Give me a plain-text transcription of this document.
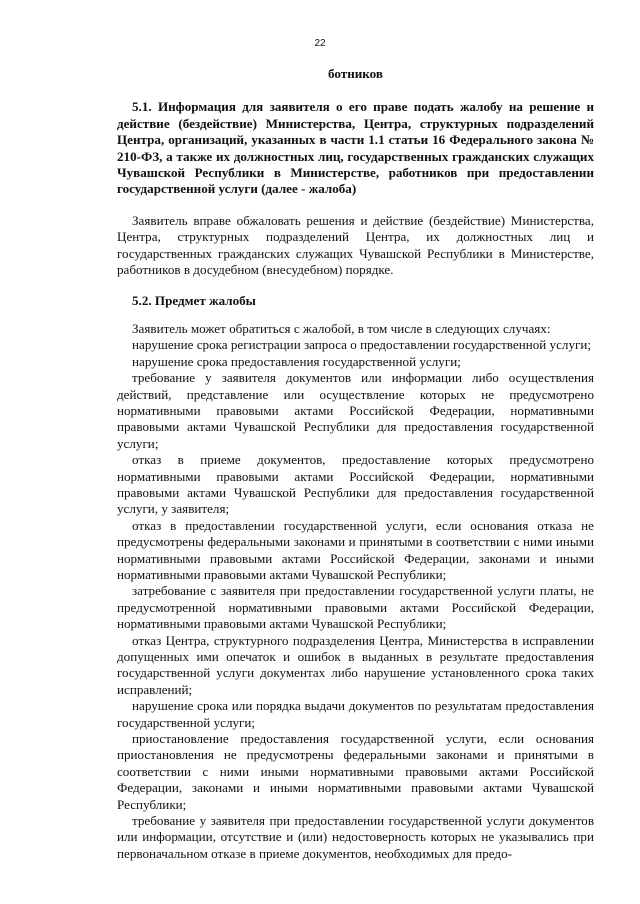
22
ботников

5.1. Информация для заявителя о его праве подать жалобу на решение и действие (бездействие) Министерства, Центра, структурных подразделений Центра, организаций, указанных в части 1.1 статьи 16 Федерального закона № 210-ФЗ, а также их должностных лиц, государственных гражданских служащих Чувашской Республики в Министерстве, работников при предоставлении государственной услуги (далее - жалоба)

Заявитель вправе обжаловать решения и действие (бездействие) Министерства, Центра, структурных подразделений Центра, их должностных лиц и государственных гражданских служащих Чувашской Республики в Министерстве, работников в досудебном (внесудебном) порядке.

5.2. Предмет жалобы

Заявитель может обратиться с жалобой, в том числе в следующих случаях:

нарушение срока регистрации запроса о предоставлении государственной услуги;

нарушение срока предоставления государственной услуги;

требование у заявителя документов или информации либо осуществления действий, представление или осуществление которых не предусмотрено нормативными правовыми актами Российской Федерации, нормативными правовыми актами Чувашской Республики для предоставления государственной услуги;

отказ в приеме документов, предоставление которых предусмотрено нормативными правовыми актами Российской Федерации, нормативными правовыми актами Чувашской Республики для предоставления государственной услуги, у заявителя;

отказ в предоставлении государственной услуги, если основания отказа не предусмотрены федеральными законами и принятыми в соответствии с ними иными нормативными правовыми актами Российской Федерации, законами и иными нормативными правовыми актами Чувашской Республики;

затребование с заявителя при предоставлении государственной услуги платы, не предусмотренной нормативными правовыми актами Российской Федерации, нормативными правовыми актами Чувашской Республики;

отказ Центра, структурного подразделения Центра, Министерства в исправлении допущенных ими опечаток и ошибок в выданных в результате предоставления государственной услуги документах либо нарушение установленного срока таких исправлений;

нарушение срока или порядка выдачи документов по результатам предоставления государственной услуги;

приостановление предоставления государственной услуги, если основания приостановления не предусмотрены федеральными законами и принятыми в соответствии с ними иными нормативными правовыми актами Российской Федерации, законами и иными нормативными правовыми актами Чувашской Республики;

требование у заявителя при предоставлении государственной услуги документов или информации, отсутствие и (или) недостоверность которых не указывались при первоначальном отказе в приеме документов, необходимых для предо-
